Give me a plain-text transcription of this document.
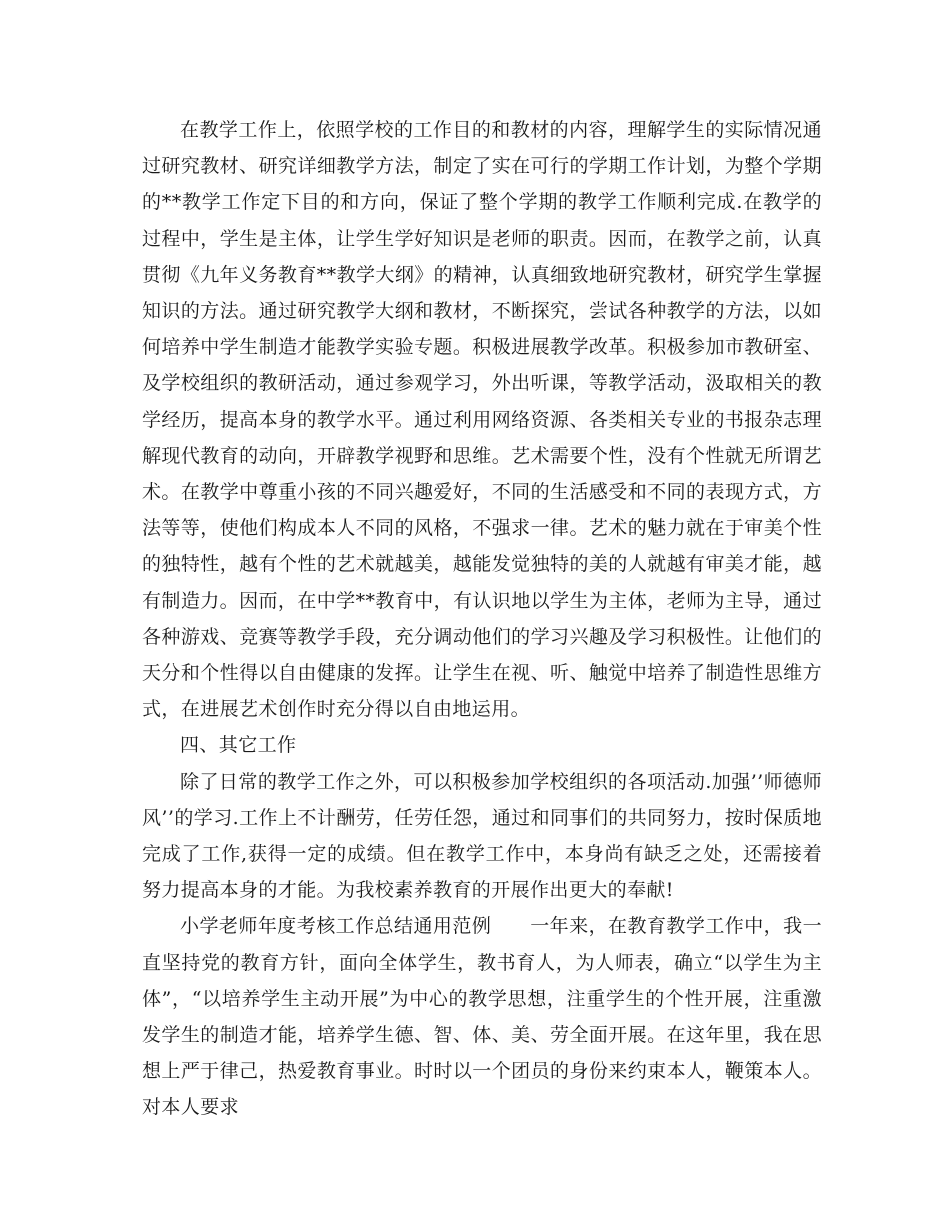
在教学工作上，依照学校的工作目的和教材的内容，理解学生的实际情况通过研究教材、研究详细教学方法，制定了实在可行的学期工作计划，为整个学期的**教学工作定下目的和方向，保证了整个学期的教学工作顺利完成.在教学的过程中，学生是主体，让学生学好知识是老师的职责。因而，在教学之前，认真贯彻《九年义务教育**教学大纲》的精神，认真细致地研究教材，研究学生掌握知识的方法。通过研究教学大纲和教材，不断探究，尝试各种教学的方法，以如何培养中学生制造才能教学实验专题。积极进展教学改革。积极参加市教研室、及学校组织的教研活动，通过参观学习，外出听课，等教学活动，汲取相关的教学经历，提高本身的教学水平。通过利用网络资源、各类相关专业的书报杂志理解现代教育的动向，开辟教学视野和思维。艺术需要个性，没有个性就无所谓艺术。在教学中尊重小孩的不同兴趣爱好，不同的生活感受和不同的表现方式，方法等等，使他们构成本人不同的风格，不强求一律。艺术的魅力就在于审美个性的独特性，越有个性的艺术就越美，越能发觉独特的美的人就越有审美才能，越有制造力。因而，在中学**教育中，有认识地以学生为主体，老师为主导，通过各种游戏、竞赛等教学手段，充分调动他们的学习兴趣及学习积极性。让他们的天分和个性得以自由健康的发挥。让学生在视、听、触觉中培养了制造性思维方式，在进展艺术创作时充分得以自由地运用。

四、其它工作

除了日常的教学工作之外，可以积极参加学校组织的各项活动.加强’’师德师风’’的学习.工作上不计酬劳，任劳任怨，通过和同事们的共同努力，按时保质地完成了工作,获得一定的成绩。但在教学工作中，本身尚有缺乏之处，还需接着努力提高本身的才能。为我校素养教育的开展作出更大的奉献!

小学老师年度考核工作总结通用范例　　一年来，在教育教学工作中，我一直坚持党的教育方针，面向全体学生，教书育人，为人师表，确立“以学生为主体”，“以培养学生主动开展”为中心的教学思想，注重学生的个性开展，注重激发学生的制造才能，培养学生德、智、体、美、劳全面开展。在这年里，我在思想上严于律己，热爱教育事业。时时以一个团员的身份来约束本人，鞭策本人。对本人要求
